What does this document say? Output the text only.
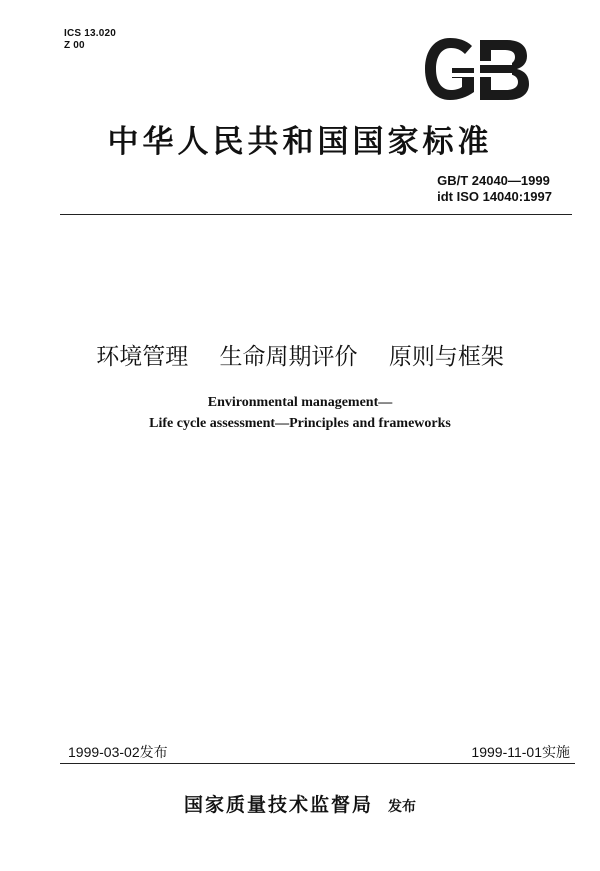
ICS 13.020
Z 00
中华人民共和国国家标准
GB/T 24040—1999
idt ISO 14040:1997
环境管理 生命周期评价 原则与框架
Environmental management—
Life cycle assessment—Principles and frameworks
1999-03-02发布	1999-11-01实施
国家质量技术监督局 发布
